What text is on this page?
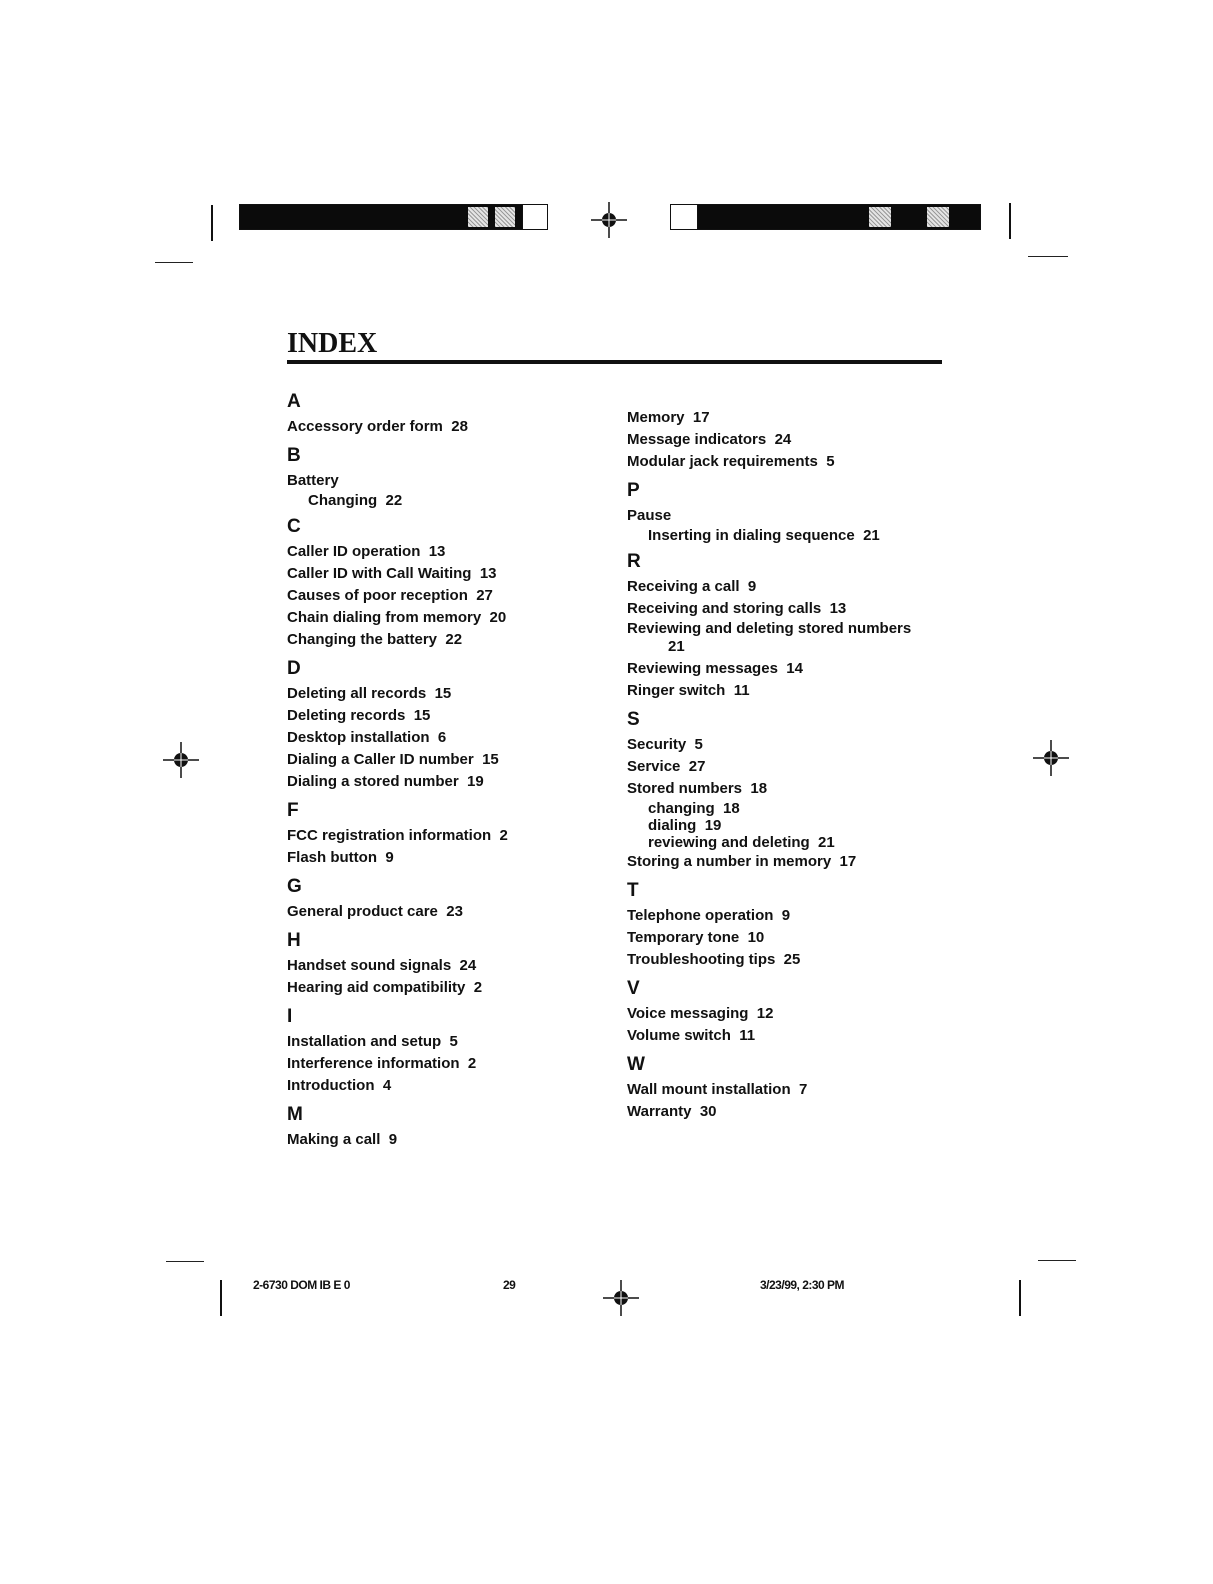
INDEX
A
Accessory order form 28
B
Battery
Changing 22
C
Caller ID operation 13
Caller ID with Call Waiting 13
Causes of poor reception 27
Chain dialing from memory 20
Changing the battery 22
D
Deleting all records 15
Deleting records 15
Desktop installation 6
Dialing a Caller ID number 15
Dialing a stored number 19
F
FCC registration information 2
Flash button 9
G
General product care 23
H
Handset sound signals 24
Hearing aid compatibility 2
I
Installation and setup 5
Interference information 2
Introduction 4
M
Making a call 9
Memory 17
Message indicators 24
Modular jack requirements 5
P
Pause
Inserting in dialing sequence 21
R
Receiving a call 9
Receiving and storing calls 13
Reviewing and deleting stored numbers
21
Reviewing messages 14
Ringer switch 11
S
Security 5
Service 27
Stored numbers 18
changing 18
dialing 19
reviewing and deleting 21
Storing a number in memory 17
T
Telephone operation 9
Temporary tone 10
Troubleshooting tips 25
V
Voice messaging 12
Volume switch 11
W
Wall mount installation 7
Warranty 30
2-6730 DOM IB E 0	29	3/23/99, 2:30 PM
